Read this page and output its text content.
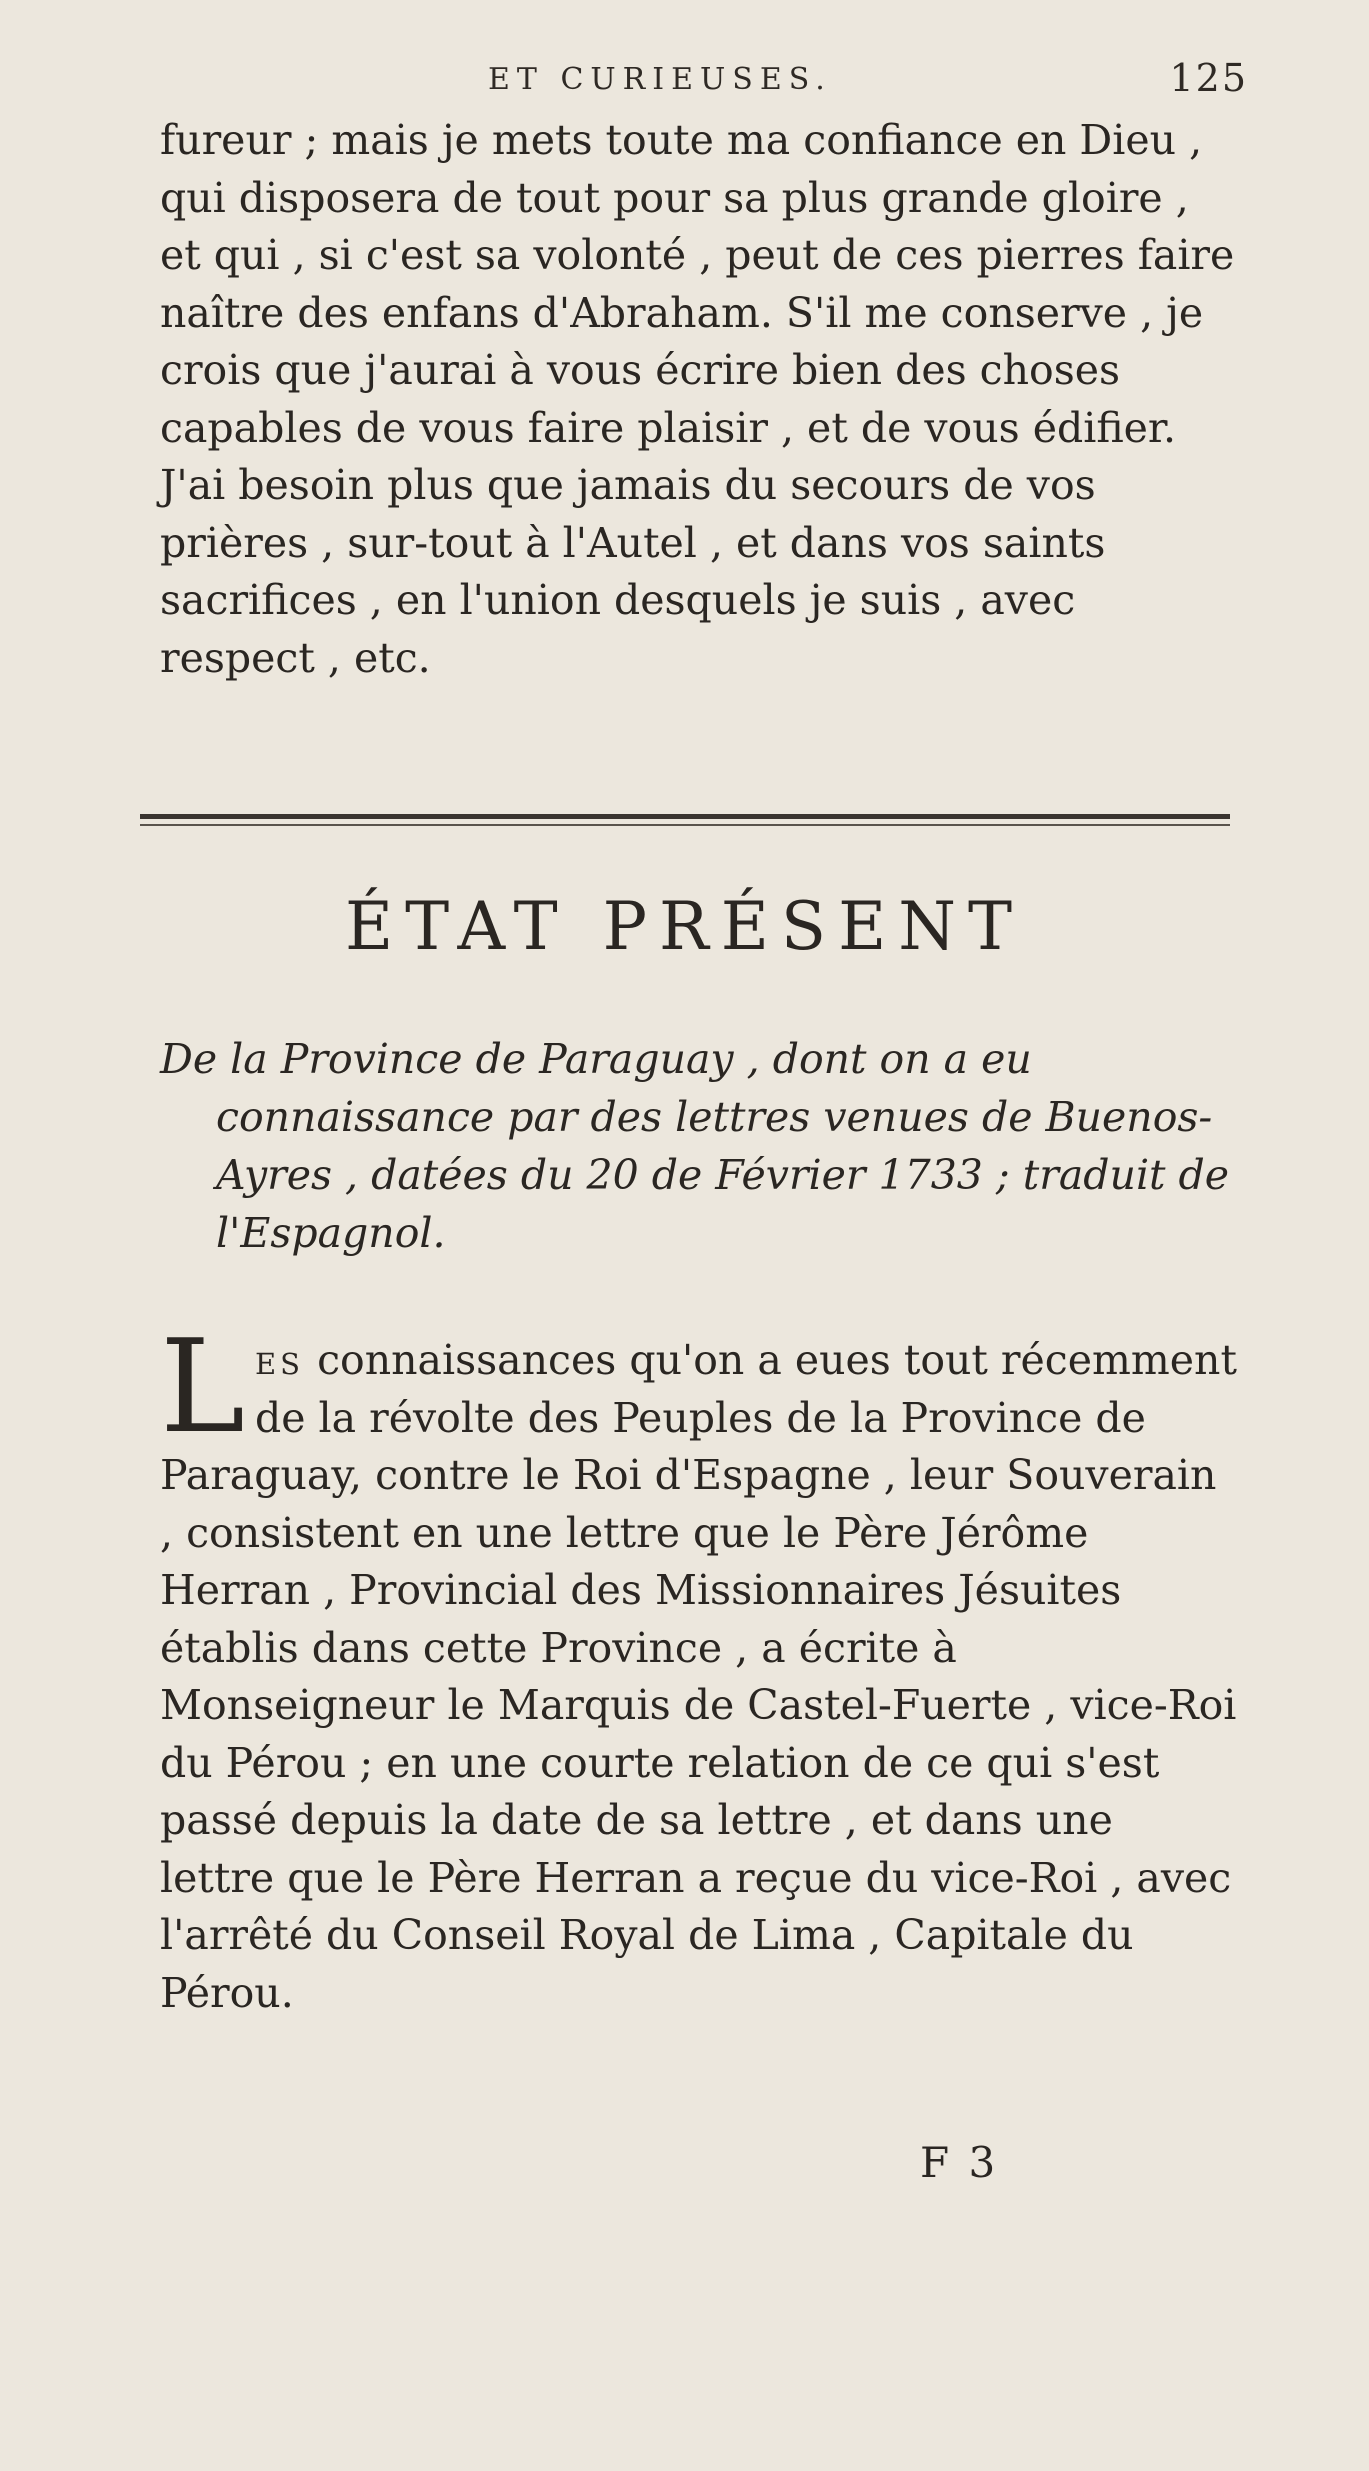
ET CURIEUSES.	125

fureur ; mais je mets toute ma confiance en Dieu , qui disposera de tout pour sa plus grande gloire , et qui , si c'est sa volonté , peut de ces pierres faire naître des enfans d'Abraham. S'il me conserve , je crois que j'aurai à vous écrire bien des choses capables de vous faire plaisir , et de vous édifier. J'ai besoin plus que jamais du secours de vos prières , sur-tout à l'Autel , et dans vos saints sacrifices , en l'union desquels je suis , avec respect , etc.

ÉTAT PRÉSENT

De la Province de Paraguay , dont on a eu connaissance par des lettres venues de Buenos-Ayres , datées du 20 de Février 1733 ; traduit de l'Espagnol.

Les connaissances qu'on a eues tout récemment de la révolte des Peuples de la Province de Paraguay, contre le Roi d'Espagne , leur Souverain , consistent en une lettre que le Père Jérôme Herran , Provincial des Missionnaires Jésuites établis dans cette Province , a écrite à Monseigneur le Marquis de Castel-Fuerte , vice-Roi du Pérou ; en une courte relation de ce qui s'est passé depuis la date de sa lettre , et dans une lettre que le Père Herran a reçue du vice-Roi , avec l'arrêté du Conseil Royal de Lima , Capitale du Pérou.

F 3
